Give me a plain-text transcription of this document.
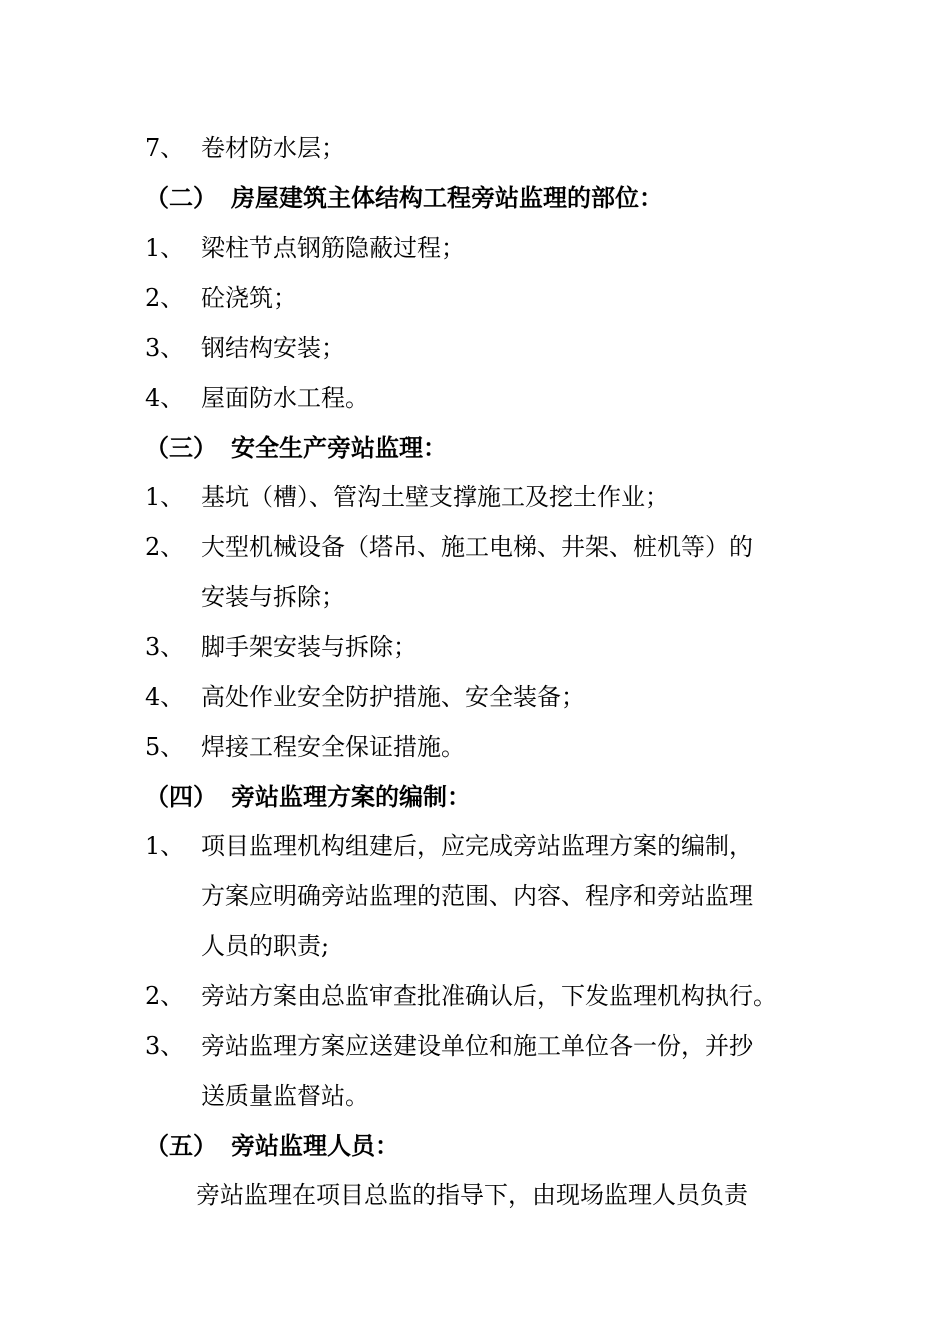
7、 卷材防水层；
（二） 房屋建筑主体结构工程旁站监理的部位：
1、 梁柱节点钢筋隐蔽过程；
2、 砼浇筑；
3、 钢结构安装；
4、 屋面防水工程。
（三） 安全生产旁站监理：
1、 基坑（槽）、管沟土壁支撑施工及挖土作业；
2、 大型机械设备（塔吊、施工电梯、井架、桩机等）的
安装与拆除；
3、 脚手架安装与拆除；
4、 高处作业安全防护措施、安全装备；
5、 焊接工程安全保证措施。
（四） 旁站监理方案的编制：
1、 项目监理机构组建后，应完成旁站监理方案的编制，
方案应明确旁站监理的范围、内容、程序和旁站监理
人员的职责;
2、 旁站方案由总监审查批准确认后，下发监理机构执行。
3、 旁站监理方案应送建设单位和施工单位各一份，并抄
送质量监督站。
（五） 旁站监理人员：
旁站监理在项目总监的指导下，由现场监理人员负责
